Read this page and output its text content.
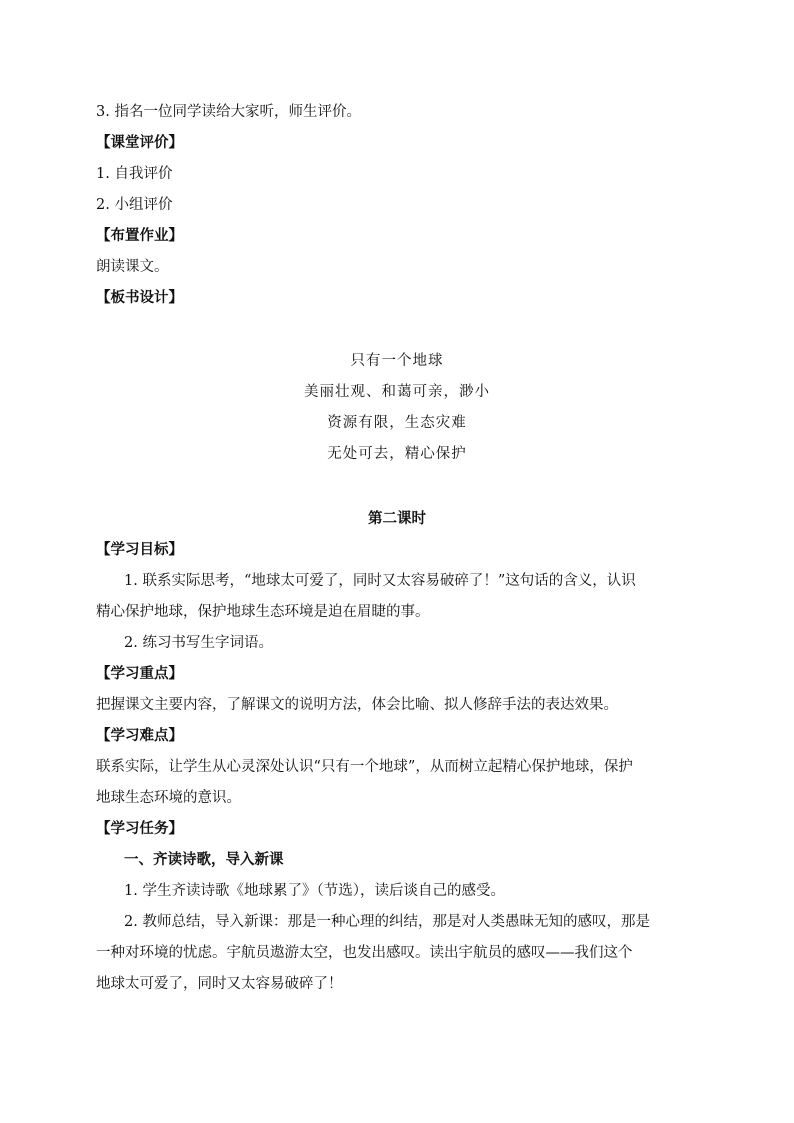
3. 指名一位同学读给大家听，师生评价。
【课堂评价】
1. 自我评价
2. 小组评价
【布置作业】
朗读课文。
【板书设计】
只有一个地球
美丽壮观、和蔼可亲，渺小
资源有限，生态灾难
无处可去，精心保护
第二课时
【学习目标】
1. 联系实际思考，“地球太可爱了，同时又太容易破碎了！”这句话的含义，认识
精心保护地球，保护地球生态环境是迫在眉睫的事。
2. 练习书写生字词语。
【学习重点】
把握课文主要内容，了解课文的说明方法，体会比喻、拟人修辞手法的表达效果。
【学习难点】
联系实际，让学生从心灵深处认识“只有一个地球”，从而树立起精心保护地球，保护
地球生态环境的意识。
【学习任务】
一、齐读诗歌，导入新课
1. 学生齐读诗歌《地球累了》（节选），读后谈自己的感受。
2. 教师总结，导入新课：那是一种心理的纠结，那是对人类愚昧无知的感叹，那是
一种对环境的忧虑。宇航员遨游太空，也发出感叹。读出宇航员的感叹——我们这个
地球太可爱了，同时又太容易破碎了！
